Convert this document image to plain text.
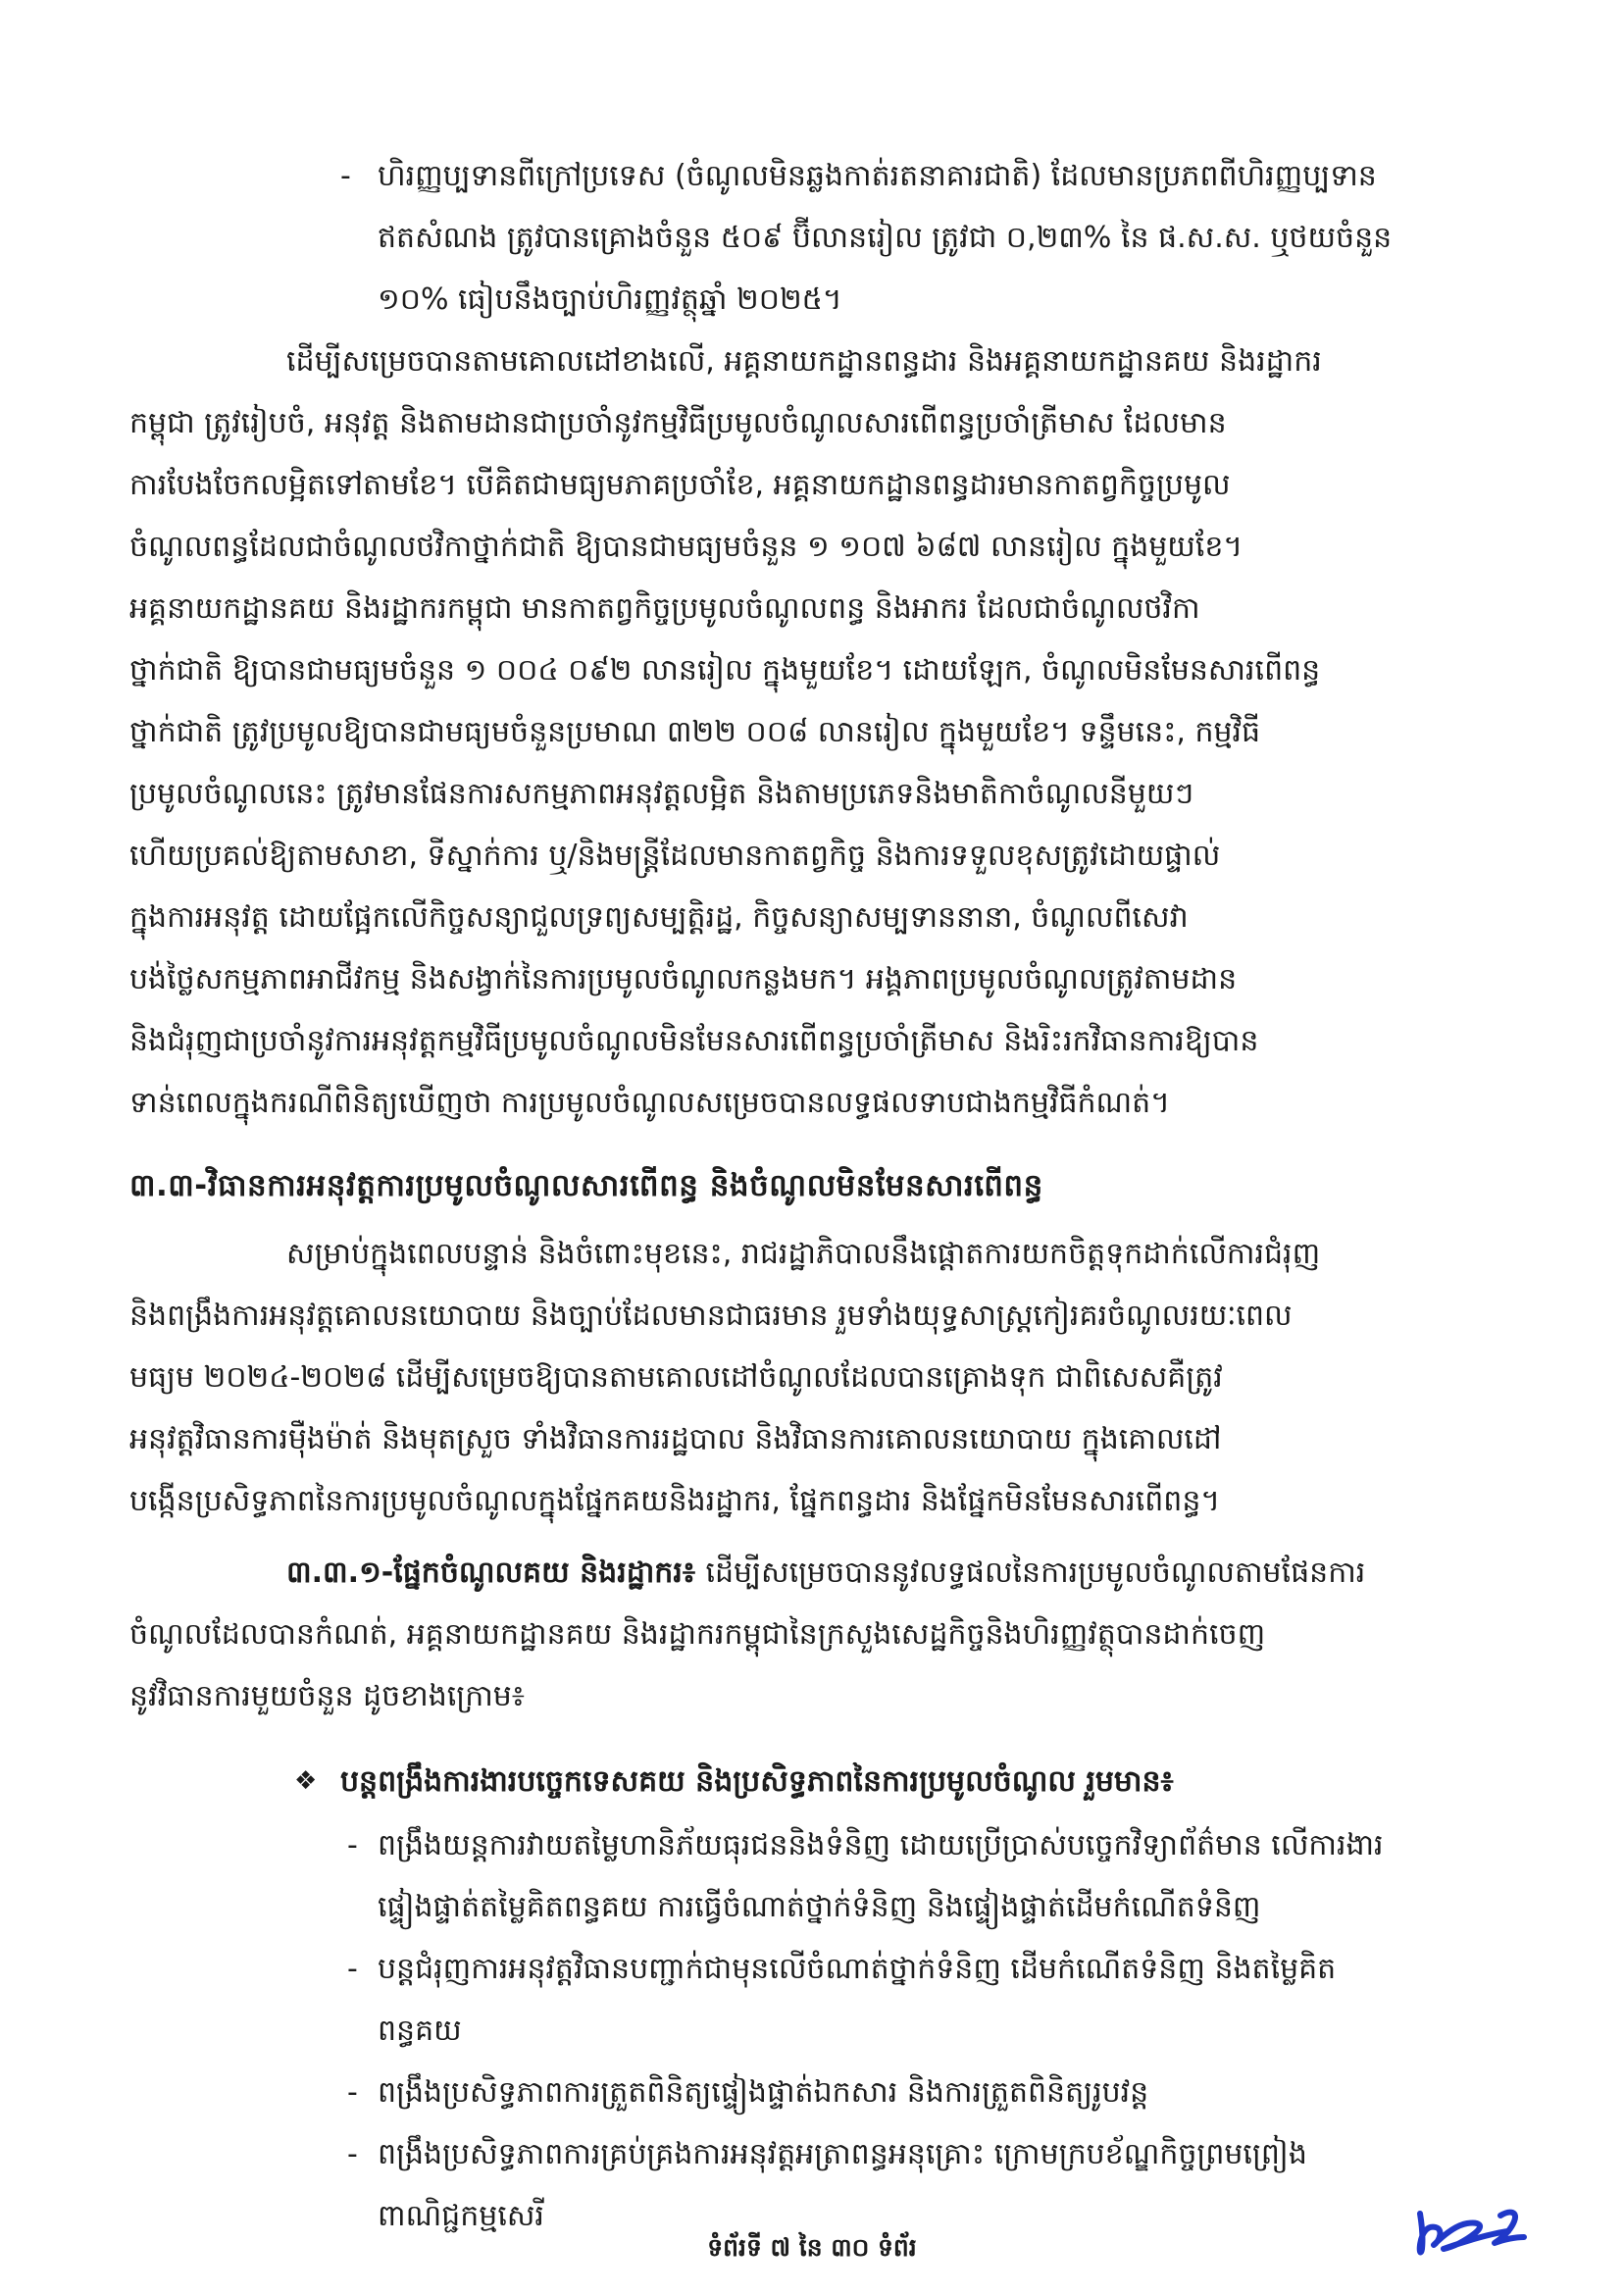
- ហិរញ្ញប្បទានពីក្រៅប្រទេស (ចំណូលមិនឆ្លងកាត់រតនាគារជាតិ) ដែលមានប្រភពពីហិរញ្ញប្បទាន
ឥតសំណង ត្រូវបានគ្រោងចំនួន ៥០៩ ប៊ីលានរៀល ត្រូវជា ០,២៣% នៃ ផ.ស.ស. ឬថយចំនួន
១០% ធៀបនឹងច្បាប់ហិរញ្ញវត្ថុឆ្នាំ ២០២៥។
ដើម្បីសម្រេចបានតាមគោលដៅខាងលើ, អគ្គនាយកដ្ឋានពន្ធដារ និងអគ្គនាយកដ្ឋានគយ និងរដ្ឋាករ
កម្ពុជា ត្រូវរៀបចំ, អនុវត្ត និងតាមដានជាប្រចាំនូវកម្មវិធីប្រមូលចំណូលសារពើពន្ធប្រចាំត្រីមាស ដែលមាន
ការបែងចែកលម្អិតទៅតាមខែ។ បើគិតជាមធ្យមភាគប្រចាំខែ, អគ្គនាយកដ្ឋានពន្ធដារមានកាតព្វកិច្ចប្រមូល
ចំណូលពន្ធដែលជាចំណូលថវិកាថ្នាក់ជាតិ ឱ្យបានជាមធ្យមចំនួន ១ ១០៧ ៦៨៧ លានរៀល ក្នុងមួយខែ។
អគ្គនាយកដ្ឋានគយ និងរដ្ឋាករកម្ពុជា មានកាតព្វកិច្ចប្រមូលចំណូលពន្ធ និងអាករ ដែលជាចំណូលថវិកា
ថ្នាក់ជាតិ ឱ្យបានជាមធ្យមចំនួន ១ ០០៤ ០៩២ លានរៀល ក្នុងមួយខែ។ ដោយឡែក, ចំណូលមិនមែនសារពើពន្ធ
ថ្នាក់ជាតិ ត្រូវប្រមូលឱ្យបានជាមធ្យមចំនួនប្រមាណ ៣២២ ០០៨ លានរៀល ក្នុងមួយខែ។ ទន្ទឹមនេះ, កម្មវិធី
ប្រមូលចំណូលនេះ ត្រូវមានផែនការសកម្មភាពអនុវត្តលម្អិត និងតាមប្រភេទនិងមាតិកាចំណូលនីមួយៗ
ហើយប្រគល់ឱ្យតាមសាខា, ទីស្នាក់ការ ឬ/និងមន្ត្រីដែលមានកាតព្វកិច្ច និងការទទួលខុសត្រូវដោយផ្ទាល់
ក្នុងការអនុវត្ត ដោយផ្អែកលើកិច្ចសន្យាជួលទ្រព្យសម្បត្តិរដ្ឋ, កិច្ចសន្យាសម្បទាននានា, ចំណូលពីសេវា
បង់ថ្លៃសកម្មភាពអាជីវកម្ម និងសង្វាក់នៃការប្រមូលចំណូលកន្លងមក។ អង្គភាពប្រមូលចំណូលត្រូវតាមដាន
និងជំរុញជាប្រចាំនូវការអនុវត្តកម្មវិធីប្រមូលចំណូលមិនមែនសារពើពន្ធប្រចាំត្រីមាស និងរិះរកវិធានការឱ្យបាន
ទាន់ពេលក្នុងករណីពិនិត្យឃើញថា ការប្រមូលចំណូលសម្រេចបានលទ្ធផលទាបជាងកម្មវិធីកំណត់។
៣.៣-វិធានការអនុវត្តការប្រមូលចំណូលសារពើពន្ធ និងចំណូលមិនមែនសារពើពន្ធ
សម្រាប់ក្នុងពេលបន្ទាន់ និងចំពោះមុខនេះ, រាជរដ្ឋាភិបាលនឹងផ្តោតការយកចិត្តទុកដាក់លើការជំរុញ
និងពង្រឹងការអនុវត្តគោលនយោបាយ និងច្បាប់ដែលមានជាធរមាន រួមទាំងយុទ្ធសាស្ត្រកៀរគរចំណូលរយៈពេល
មធ្យម ២០២៤-២០២៨ ដើម្បីសម្រេចឱ្យបានតាមគោលដៅចំណូលដែលបានគ្រោងទុក ជាពិសេសគឺត្រូវ
អនុវត្តវិធានការម៉ឺងម៉ាត់ និងមុតស្រួច ទាំងវិធានការរដ្ឋបាល និងវិធានការគោលនយោបាយ ក្នុងគោលដៅ
បង្កើនប្រសិទ្ធភាពនៃការប្រមូលចំណូលក្នុងផ្នែកគយនិងរដ្ឋាករ, ផ្នែកពន្ធដារ និងផ្នែកមិនមែនសារពើពន្ធ។
៣.៣.១-ផ្នែកចំណូលគយ និងរដ្ឋាករ៖ ដើម្បីសម្រេចបាននូវលទ្ធផលនៃការប្រមូលចំណូលតាមផែនការ
ចំណូលដែលបានកំណត់, អគ្គនាយកដ្ឋានគយ និងរដ្ឋាករកម្ពុជានៃក្រសួងសេដ្ឋកិច្ចនិងហិរញ្ញវត្ថុបានដាក់ចេញ
នូវវិធានការមួយចំនួន ដូចខាងក្រោម៖
❖ បន្តពង្រឹងការងារបច្ចេកទេសគយ និងប្រសិទ្ធភាពនៃការប្រមូលចំណូល រួមមាន៖
- ពង្រឹងយន្តការវាយតម្លៃហានិភ័យធុរជននិងទំនិញ ដោយប្រើប្រាស់បច្ចេកវិទ្យាព័ត៌មាន លើការងារ
ផ្ទៀងផ្ទាត់តម្លៃគិតពន្ធគយ ការធ្វើចំណាត់ថ្នាក់ទំនិញ និងផ្ទៀងផ្ទាត់ដើមកំណើតទំនិញ
- បន្តជំរុញការអនុវត្តវិធានបញ្ជាក់ជាមុនលើចំណាត់ថ្នាក់ទំនិញ ដើមកំណើតទំនិញ និងតម្លៃគិត
ពន្ធគយ
- ពង្រឹងប្រសិទ្ធភាពការត្រួតពិនិត្យផ្ទៀងផ្ទាត់ឯកសារ និងការត្រួតពិនិត្យរូបវន្ត
- ពង្រឹងប្រសិទ្ធភាពការគ្រប់គ្រងការអនុវត្តអត្រាពន្ធអនុគ្រោះ ក្រោមក្របខ័ណ្ឌកិច្ចព្រមព្រៀង
ពាណិជ្ជកម្មសេរី
ទំព័រទី ៧ នៃ ៣០ ទំព័រ
